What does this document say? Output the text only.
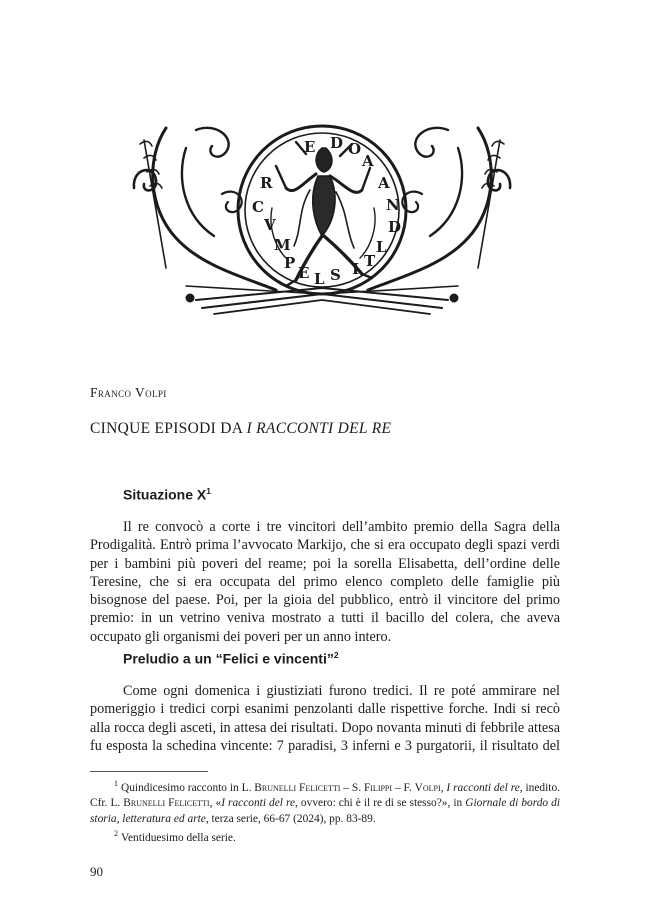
E D O
A
R
C
V
M
A
N
D
P
E L S I T
L
Franco Volpi
CINQUE EPISODI DA I RACCONTI DEL RE
Situazione $X^1$

Il re convocò a corte i tre vincitori dell’ambito premio della Sagra della Prodigalità. Entrò prima l’avvocato Markijo, che si era occupato degli spazi verdi per i bambini più poveri del reame; poi la sorella Elisabetta, dell’ordine delle Teresine, che si era occupata del primo elenco completo delle famiglie più bisognose del paese. Poi, per la gioia del pubblico, entrò il vincitore del primo premio: in un vetrino veniva mostrato a tutti il bacillo del colera, che aveva occupato gli organismi dei poveri per un anno intero.

Preludio a un “Felici e vincenti”$^2$

Come ogni domenica i giustiziati furono tredici. Il re poté ammirare nel pomeriggio i tredici corpi esanimi penzolanti dalle rispettive forche. Indi si recò alla rocca degli asceti, in attesa dei risultati. Dopo novanta minuti di febbrile attesa fu esposta la schedina vincente: 7 paradisi, 3 inferni e 3 purgatorii, il risultato del

$^1$ Quindicesimo racconto in L. Brunelli Felicetti – S. Filippi – F. Volpi, I racconti del re, inedito. Cfr. L. Brunelli Felicetti, «I racconti del re, ovvero: chi è il re di se stesso?», in Giornale di bordo di storia, letteratura ed arte, terza serie, 66-67 (2024), pp. 83-89.

$^2$ Ventiduesimo della serie.

90
